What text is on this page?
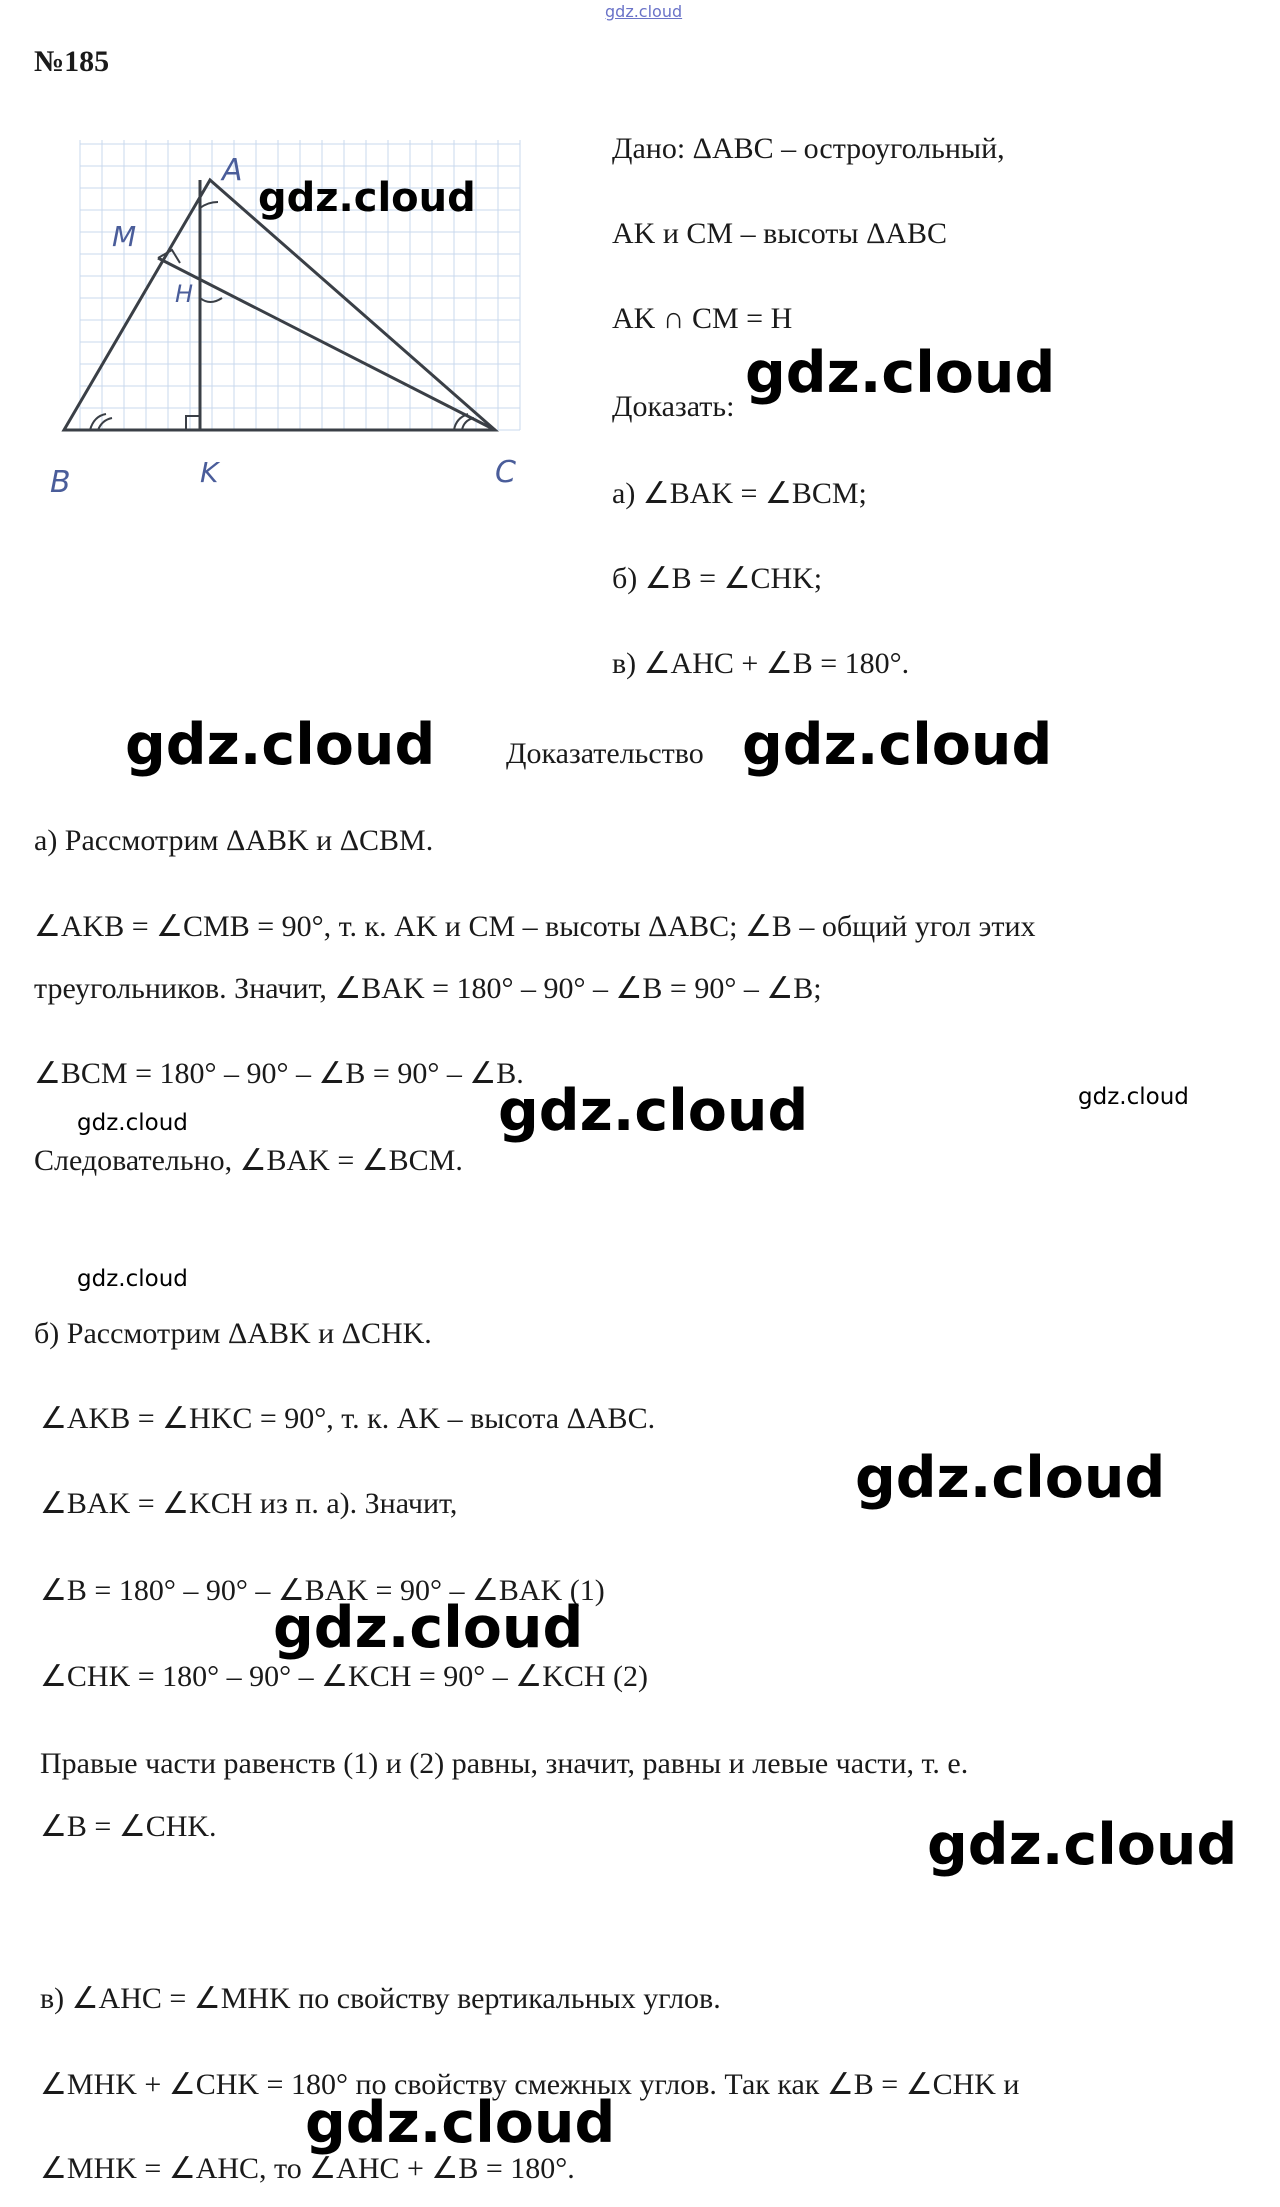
gdz.cloud
№185
A
B	C
M
K
H
Дано: ΔABC – остроугольный,
AK и CM – высоты ΔABC
AK ∩ CM = H
Доказать:
а) ∠BAK = ∠BCM;
б) ∠B = ∠CHK;
в) ∠AHC + ∠B = 180°.
Доказательство
а) Рассмотрим ΔABK и ΔCBM.
∠AKB = ∠CMB = 90°, т. к. AK и CM – высоты ΔABC; ∠B – общий угол этих
треугольников. Значит, ∠BAK = 180° – 90° – ∠B = 90° – ∠B;
∠BCM = 180° – 90° – ∠B = 90° – ∠B.
Следовательно, ∠BAK = ∠BCM.
б) Рассмотрим ΔABK и ΔCHK.
∠AKB = ∠HKC = 90°, т. к. AK – высота ΔABC.
∠BAK = ∠KCH из п. а). Значит,
∠B = 180° – 90° – ∠BAK = 90° – ∠BAK (1)
∠CHK = 180° – 90° – ∠KCH = 90° – ∠KCH (2)
Правые части равенств (1) и (2) равны, значит, равны и левые части, т. е.
∠B = ∠CHK.
в) ∠AHC = ∠MHK по свойству вертикальных углов.
∠MHK + ∠CHK = 180° по свойству смежных углов. Так как ∠B = ∠CHK и
∠MHK = ∠AHC, то ∠AHC + ∠B = 180°.
gdz.cloud
gdz.cloud
gdz.cloud	gdz.cloud
gdz.cloud	gdz.cloud	gdz.cloud
gdz.cloud
gdz.cloud
gdz.cloud
gdz.cloud
gdz.cloud
